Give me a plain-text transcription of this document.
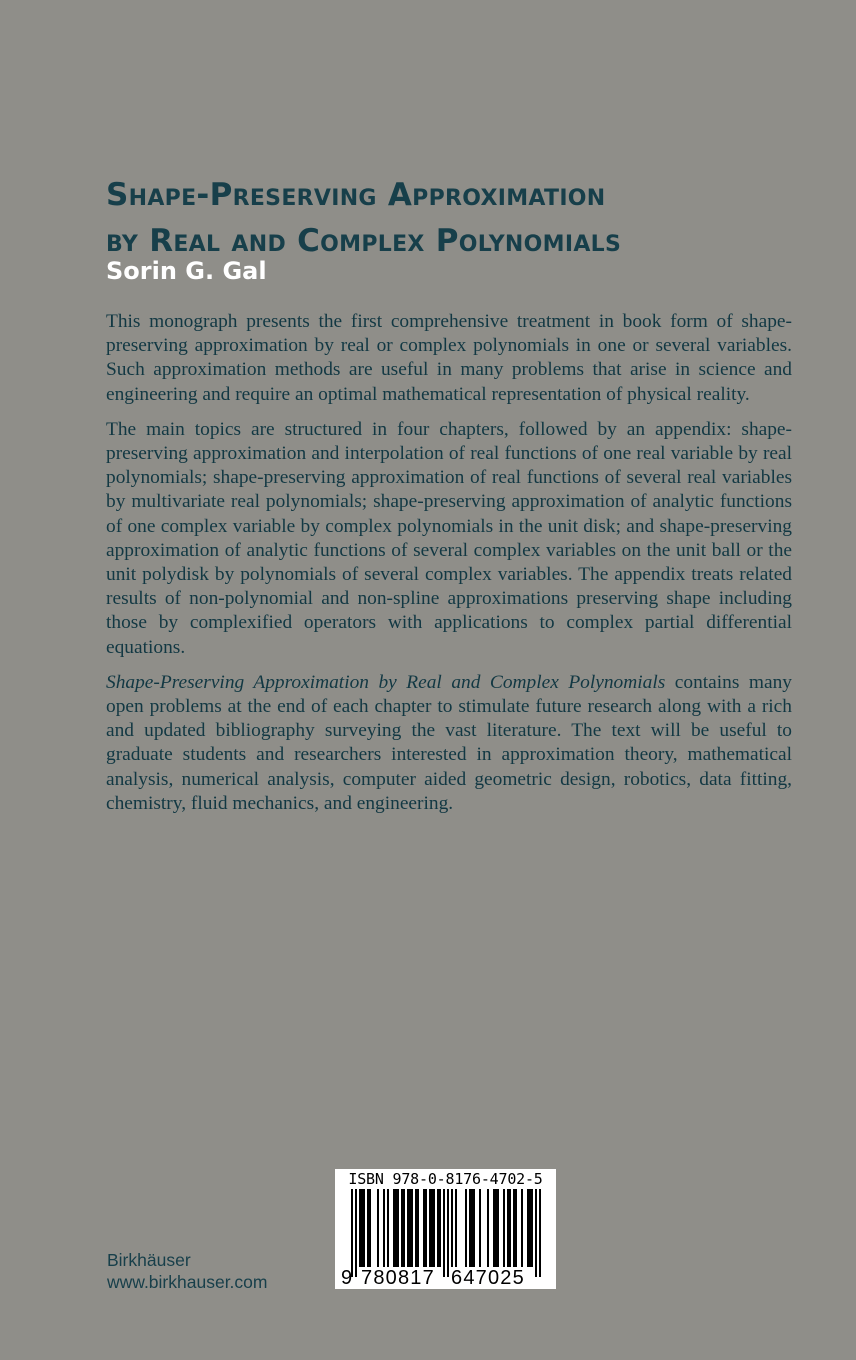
Shape-Preserving Approximation
by Real and Complex Polynomials
Sorin G. Gal

This monograph presents the first comprehensive treatment in book form of shape-preserving approximation by real or complex polynomials in one or several variables. Such approximation methods are useful in many problems that arise in science and engineering and require an optimal mathematical representation of physical reality.

The main topics are structured in four chapters, followed by an appendix: shape-preserving approximation and interpolation of real functions of one real variable by real polynomials; shape-preserving approximation of real functions of several real variables by multivariate real polynomials; shape-preserving approximation of analytic functions of one complex variable by complex polynomials in the unit disk; and shape-preserving approximation of analytic functions of several complex variables on the unit ball or the unit polydisk by polynomials of several complex variables. The appendix treats related results of non-polynomial and non-spline approximations preserving shape including those by complexified operators with applications to complex partial differential equations.

Shape-Preserving Approximation by Real and Complex Polynomials contains many open problems at the end of each chapter to stimulate future research along with a rich and updated bibliography surveying the vast literature. The text will be useful to graduate students and researchers interested in approximation theory, mathematical analysis, numerical analysis, computer aided geometric design, robotics, data fitting, chemistry, fluid mechanics, and engineering.

Birkhäuser
www.birkhauser.com
ISBN 978-0-8176-4702-5
9 780817 647025
